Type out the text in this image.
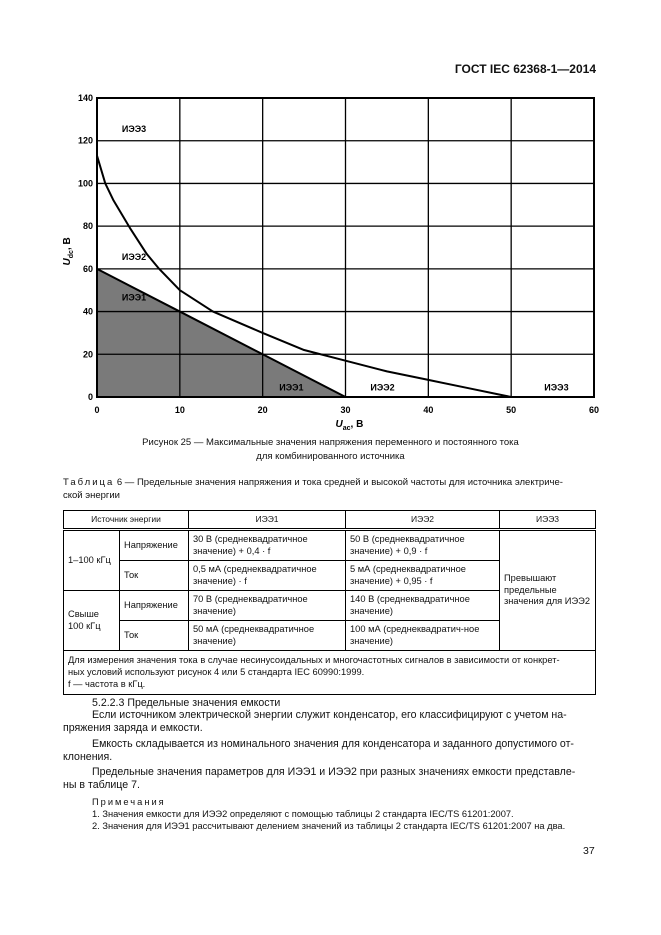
ГОСТ IEC 62368-1—2014
0	10	20	30	40	50	60
0
20
40
60
80
100
120
140
ИЭЭ3
ИЭЭ2
ИЭЭ1
ИЭЭ1	ИЭЭ2	ИЭЭ3
$U_{ac}$, В
$U_{dc}$, В
Рисунок 25 — Максимальные значения напряжения переменного и постоянного тока
для комбинированного источника
Таблица 6 — Предельные значения напряжения и тока средней и высокой частоты для источника электриче-
ской энергии
Источник энергии		ИЭЭ1	ИЭЭ2	ИЭЭ3
1–100 кГц	Напряжение	30 В (среднеквадратичное значение) + 0,4 · f	50 В (среднеквадратичное значение) + 0,9 · f	Превышают предельные значения для ИЭЭ2
	Ток	0,5 мА (среднеквадратичное значение) · f	5 мА (среднеквадратичное значение) + 0,95 · f	
Свыше 100 кГц	Напряжение	70 В (среднеквадратичное значение)	140 В (среднеквадратичное значение)	
	Ток	50 мА (среднеквадратичное значение)	100 мА (среднеквадратич-ное значение)	

Для измерения значения тока в случае несинусоидальных и многочастотных сигналов в зависимости от конкрет-
ных условий используют рисунок 4 или 5 стандарта IEC 60990:1999.
f — частота в кГц.				
5.2.2.3 Предельные значения емкости
Если источником электрической энергии служит конденсатор, его классифицируют с учетом на-
пряжения заряда и емкости.
Емкость складывается из номинального значения для конденсатора и заданного допустимого от-
клонения.
Предельные значения параметров для ИЭЭ1 и ИЭЭ2 при разных значениях емкости представле-
ны в таблице 7.
Примечания
1. Значения емкости для ИЭЭ2 определяют с помощью таблицы 2 стандарта IEC/TS 61201:2007.
2. Значения для ИЭЭ1 рассчитывают делением значений из таблицы 2 стандарта IEC/TS 61201:2007 на два.
37
